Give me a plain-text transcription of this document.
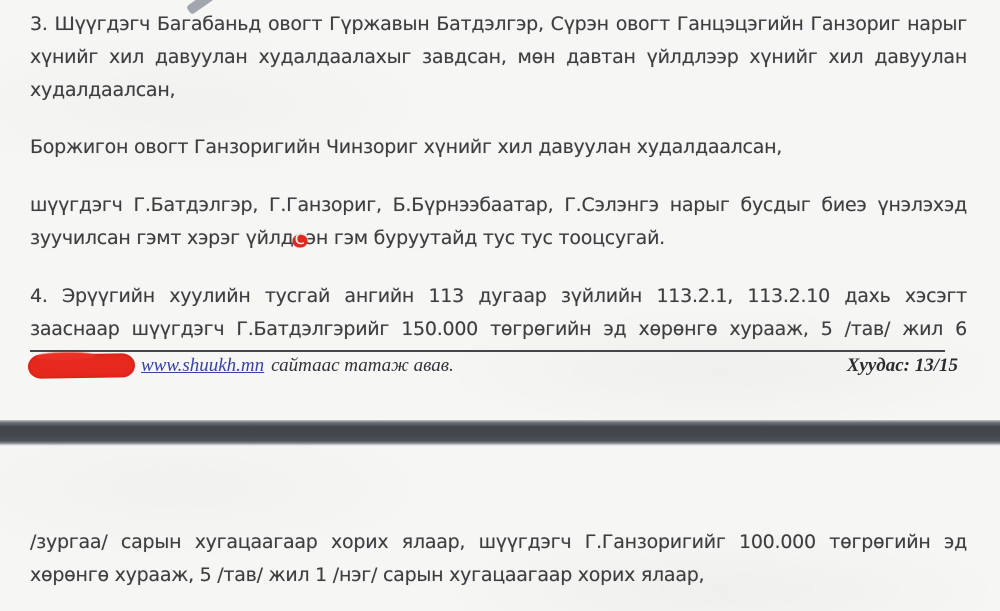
3. Шүүгдэгч Багабаньд овогт Гүржавын Батдэлгэр, Сүрэн овогт Ганцэцэгийн Ганзориг нарыг
хүнийг хил давуулан худалдаалахыг завдсан, мөн давтан үйлдлээр хүнийг хил давуулан
худалдаалсан,
Боржигон овогт Ганзоригийн Чинзориг хүнийг хил давуулан худалдаалсан,
шүүгдэгч Г.Батдэлгэр, Г.Ганзориг, Б.Бүрнээбаатар, Г.Сэлэнгэ нарыг бусдыг биеэ үнэлэхэд
зуучилсан гэмт хэрэг үйлдсэн гэм буруутайд тус тус тооцсугай.
4. Эрүүгийн хуулийн тусгай ангийн 113 дугаар зүйлийн 113.2.1, 113.2.10 дахь хэсэгт
зааснаар шүүгдэгч Г.Батдэлгэрийг 150.000 төгрөгийн эд хөрөнгө хурааж, 5 /тав/ жил 6
www.shuukh.mn сайтаас татаж авав.	Хуудас: 13/15
/зургаа/ сарын хугацаагаар хорих ялаар, шүүгдэгч Г.Ганзоригийг 100.000 төгрөгийн эд
хөрөнгө хурааж, 5 /тав/ жил 1 /нэг/ сарын хугацаагаар хорих ялаар,
